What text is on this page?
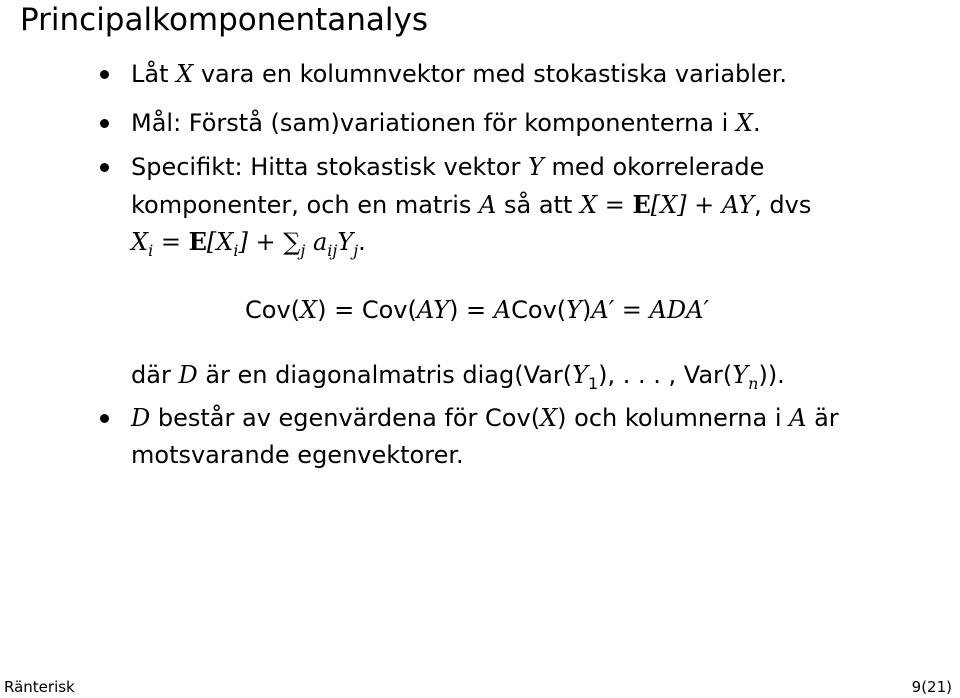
Principalkomponentanalys
Låt X vara en kolumnvektor med stokastiska variabler.
Mål: Förstå (sam)variationen för komponenterna i X.
Specifikt: Hitta stokastisk vektor Y med okorrelerade
komponenter, och en matris A så att X = E[X] + AY, dvs
$X_i = E[X_i] + \sum_j$ $a_{ij}Y_j$.
Cov(X) = Cov(AY) = ACov(Y)A′ = ADA′
där D är en diagonalmatris $diag(Var(Y_1)$, . . . , $Var(Y_n)$).
D består av egenvärdena för Cov(X) och kolumnerna i A är
motsvarande egenvektorer.
Ränterisk	9(21)
